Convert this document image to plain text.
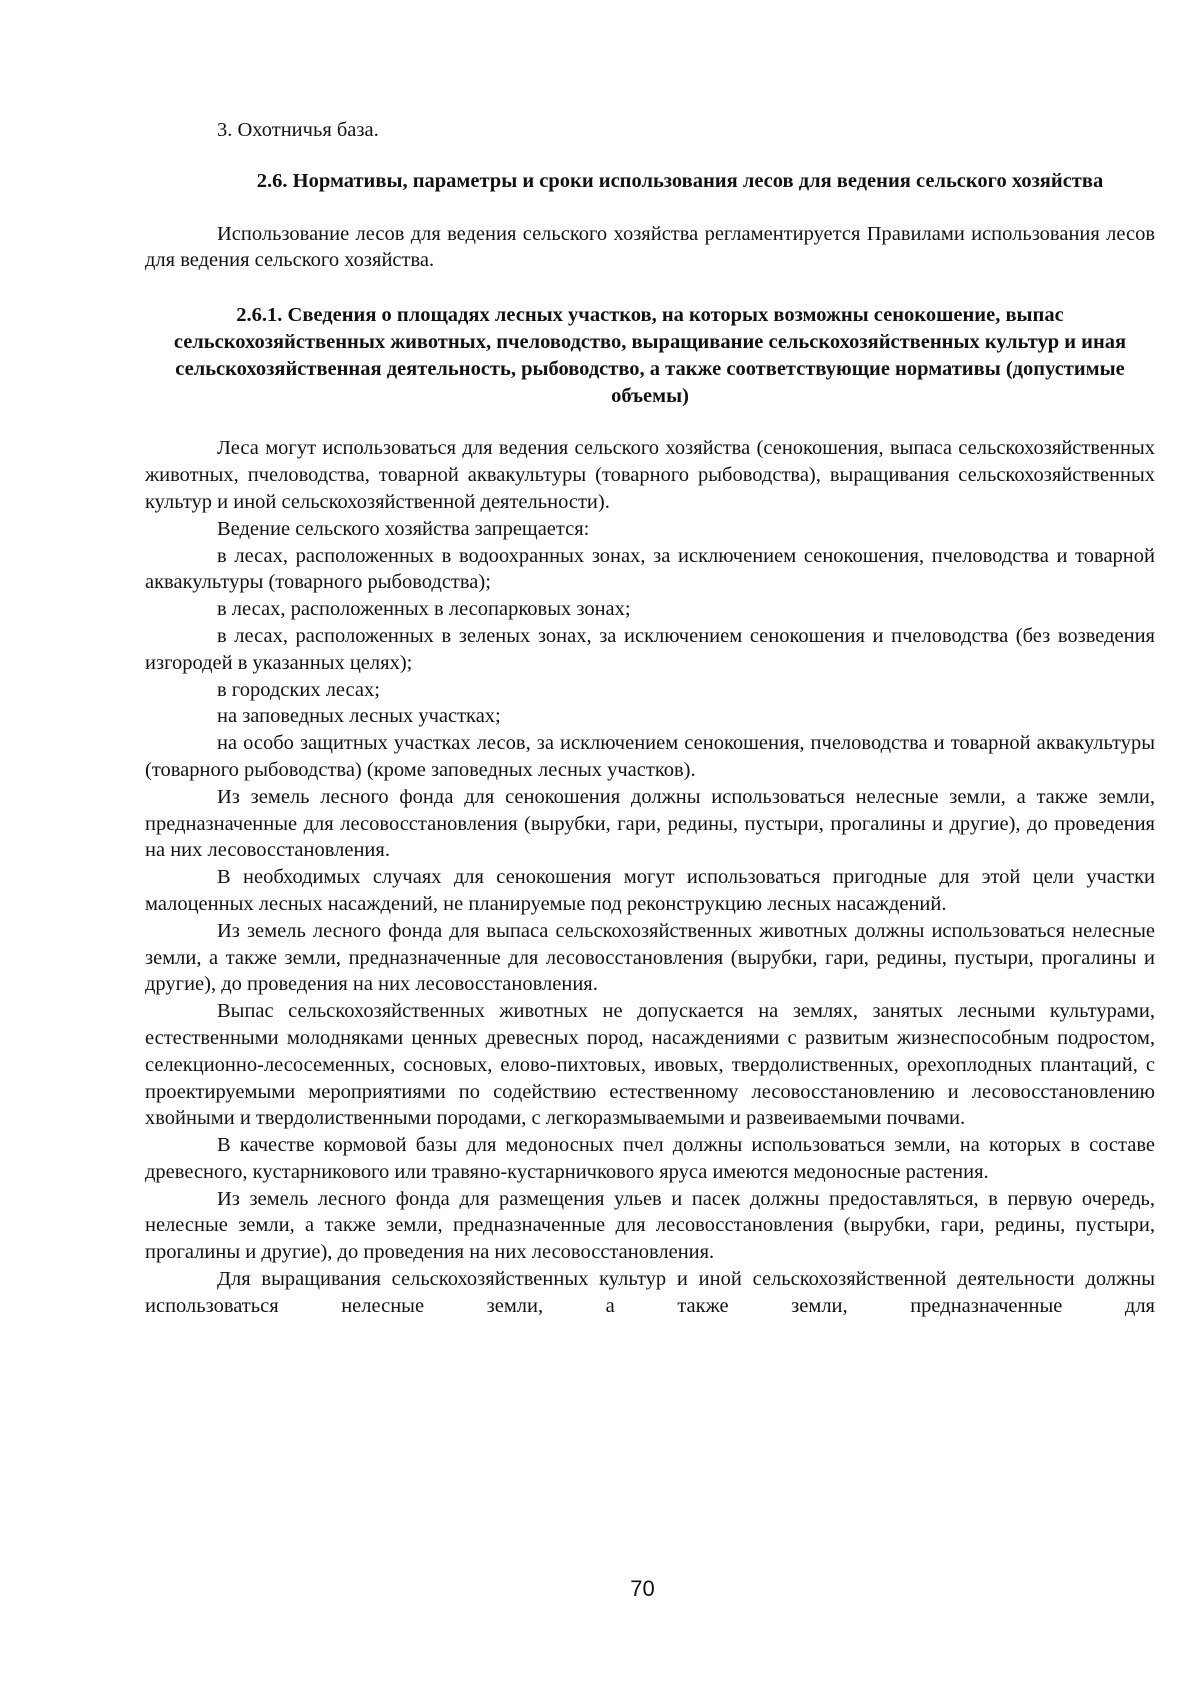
3. Охотничья база.

2.6. Нормативы, параметры и сроки использования лесов для ведения сельского хозяйства

Использование лесов для ведения сельского хозяйства регламентируется Правилами использования лесов для ведения сельского хозяйства.

2.6.1. Сведения о площадях лесных участков, на которых возможны сенокошение, выпас сельскохозяйственных животных, пчеловодство, выращивание сельскохозяйственных культур и иная сельскохозяйственная деятельность, рыбоводство, а также соответствующие нормативы (допустимые объемы)

Леса могут использоваться для ведения сельского хозяйства (сенокошения, выпаса сельскохозяйственных животных, пчеловодства, товарной аквакультуры (товарного рыбоводства), выращивания сельскохозяйственных культур и иной сельскохозяйственной деятельности).

Ведение сельского хозяйства запрещается:

в лесах, расположенных в водоохранных зонах, за исключением сенокошения, пчеловодства и товарной аквакультуры (товарного рыбоводства);

в лесах, расположенных в лесопарковых зонах;

в лесах, расположенных в зеленых зонах, за исключением сенокошения и пчеловодства (без возведения изгородей в указанных целях);

в городских лесах;

на заповедных лесных участках;

на особо защитных участках лесов, за исключением сенокошения, пчеловодства и товарной аквакультуры (товарного рыбоводства) (кроме заповедных лесных участков).

Из земель лесного фонда для сенокошения должны использоваться нелесные земли, а также земли, предназначенные для лесовосстановления (вырубки, гари, редины, пустыри, прогалины и другие), до проведения на них лесовосстановления.

В необходимых случаях для сенокошения могут использоваться пригодные для этой цели участки малоценных лесных насаждений, не планируемые под реконструкцию лесных насаждений.

Из земель лесного фонда для выпаса сельскохозяйственных животных должны использоваться нелесные земли, а также земли, предназначенные для лесовосстановления (вырубки, гари, редины, пустыри, прогалины и другие), до проведения на них лесовосстановления.

Выпас сельскохозяйственных животных не допускается на землях, занятых лесными культурами, естественными молодняками ценных древесных пород, насаждениями с развитым жизнеспособным подростом, селекционно-лесосеменных, сосновых, елово-пихтовых, ивовых, твердолиственных, орехоплодных плантаций, с проектируемыми мероприятиями по содействию естественному лесовосстановлению и лесовосстановлению хвойными и твердолиственными породами, с легкоразмываемыми и развеиваемыми почвами.

В качестве кормовой базы для медоносных пчел должны использоваться земли, на которых в составе древесного, кустарникового или травяно-кустарничкового яруса имеются медоносные растения.

Из земель лесного фонда для размещения ульев и пасек должны предоставляться, в первую очередь, нелесные земли, а также земли, предназначенные для лесовосстановления (вырубки, гари, редины, пустыри, прогалины и другие), до проведения на них лесовосстановления.

Для выращивания сельскохозяйственных культур и иной сельскохозяйственной деятельности должны использоваться нелесные земли, а также земли, предназначенные для

70
